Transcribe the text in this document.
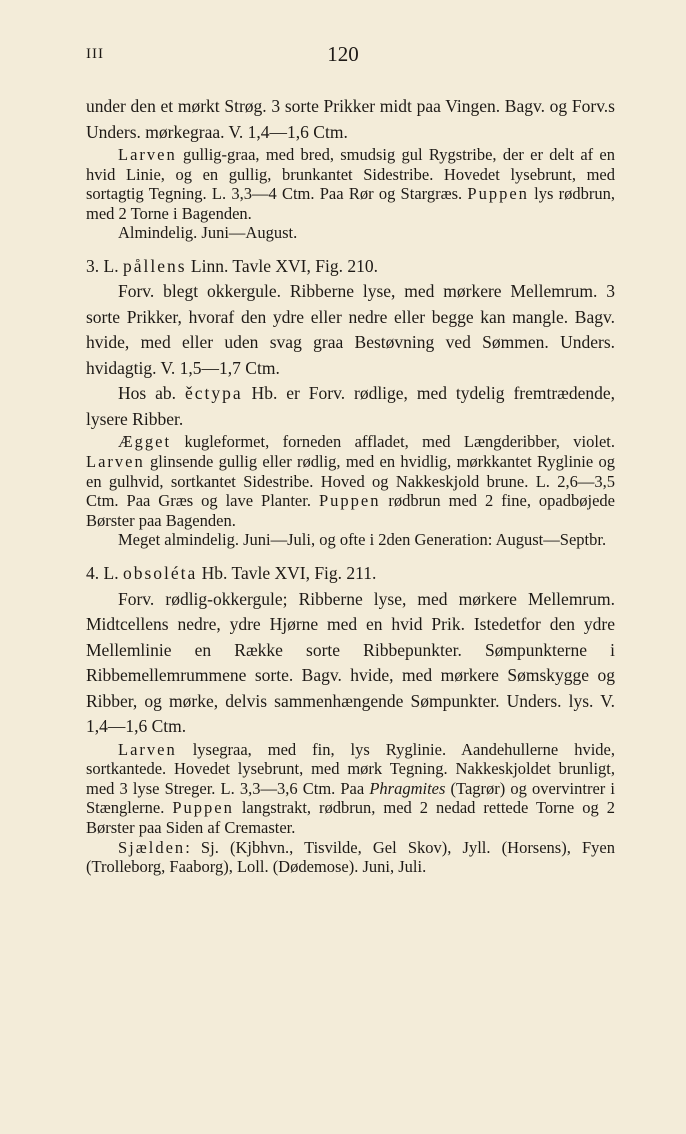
III	120

under den et mørkt Strøg. 3 sorte Prikker midt paa Vingen. Bagv. og Forv.s Unders. mørkegraa. V. 1,4—1,6 Ctm.

Larven gullig-graa, med bred, smudsig gul Rygstribe, der er delt af en hvid Linie, og en gullig, brunkantet Sidestribe. Hovedet lysebrunt, med sortagtig Tegning. L. 3,3—4 Ctm. Paa Rør og Stargræs. Puppen lys rødbrun, med 2 Torne i Bagenden.

Almindelig. Juni—August.

3. L. pållens Linn. Tavle XVI, Fig. 210.

Forv. blegt okkergule. Ribberne lyse, med mørkere Mellemrum. 3 sorte Prikker, hvoraf den ydre eller nedre eller begge kan mangle. Bagv. hvide, med eller uden svag graa Bestøvning ved Sømmen. Unders. hvidagtig. V. 1,5—1,7 Ctm.

Hos ab. ěctypa Hb. er Forv. rødlige, med tydelig fremtrædende, lysere Ribber.

Ægget kugleformet, forneden affladet, med Længderibber, violet. Larven glinsende gullig eller rødlig, med en hvidlig, mørkkantet Ryglinie og en gulhvid, sortkantet Sidestribe. Hoved og Nakkeskjold brune. L. 2,6—3,5 Ctm. Paa Græs og lave Planter. Puppen rødbrun med 2 fine, opadbøjede Børster paa Bagenden.

Meget almindelig. Juni—Juli, og ofte i 2den Generation: August—Septbr.

4. L. obsoléta Hb. Tavle XVI, Fig. 211.

Forv. rødlig-okkergule; Ribberne lyse, med mørkere Mellemrum. Midtcellens nedre, ydre Hjørne med en hvid Prik. Istedetfor den ydre Mellemlinie en Række sorte Ribbepunkter. Sømpunkterne i Ribbemellemrummene sorte. Bagv. hvide, med mørkere Sømskygge og Ribber, og mørke, delvis sammenhængende Sømpunkter. Unders. lys. V. 1,4—1,6 Ctm.

Larven lysegraa, med fin, lys Ryglinie. Aandehullerne hvide, sortkantede. Hovedet lysebrunt, med mørk Tegning. Nakkeskjoldet brunligt, med 3 lyse Streger. L. 3,3—3,6 Ctm. Paa Phragmites (Tagrør) og overvintrer i Stænglerne. Puppen langstrakt, rødbrun, med 2 nedad rettede Torne og 2 Børster paa Siden af Cremaster.

Sjælden: Sj. (Kjbhvn., Tisvilde, Gel Skov), Jyll. (Horsens), Fyen (Trolleborg, Faaborg), Loll. (Dødemose). Juni, Juli.
